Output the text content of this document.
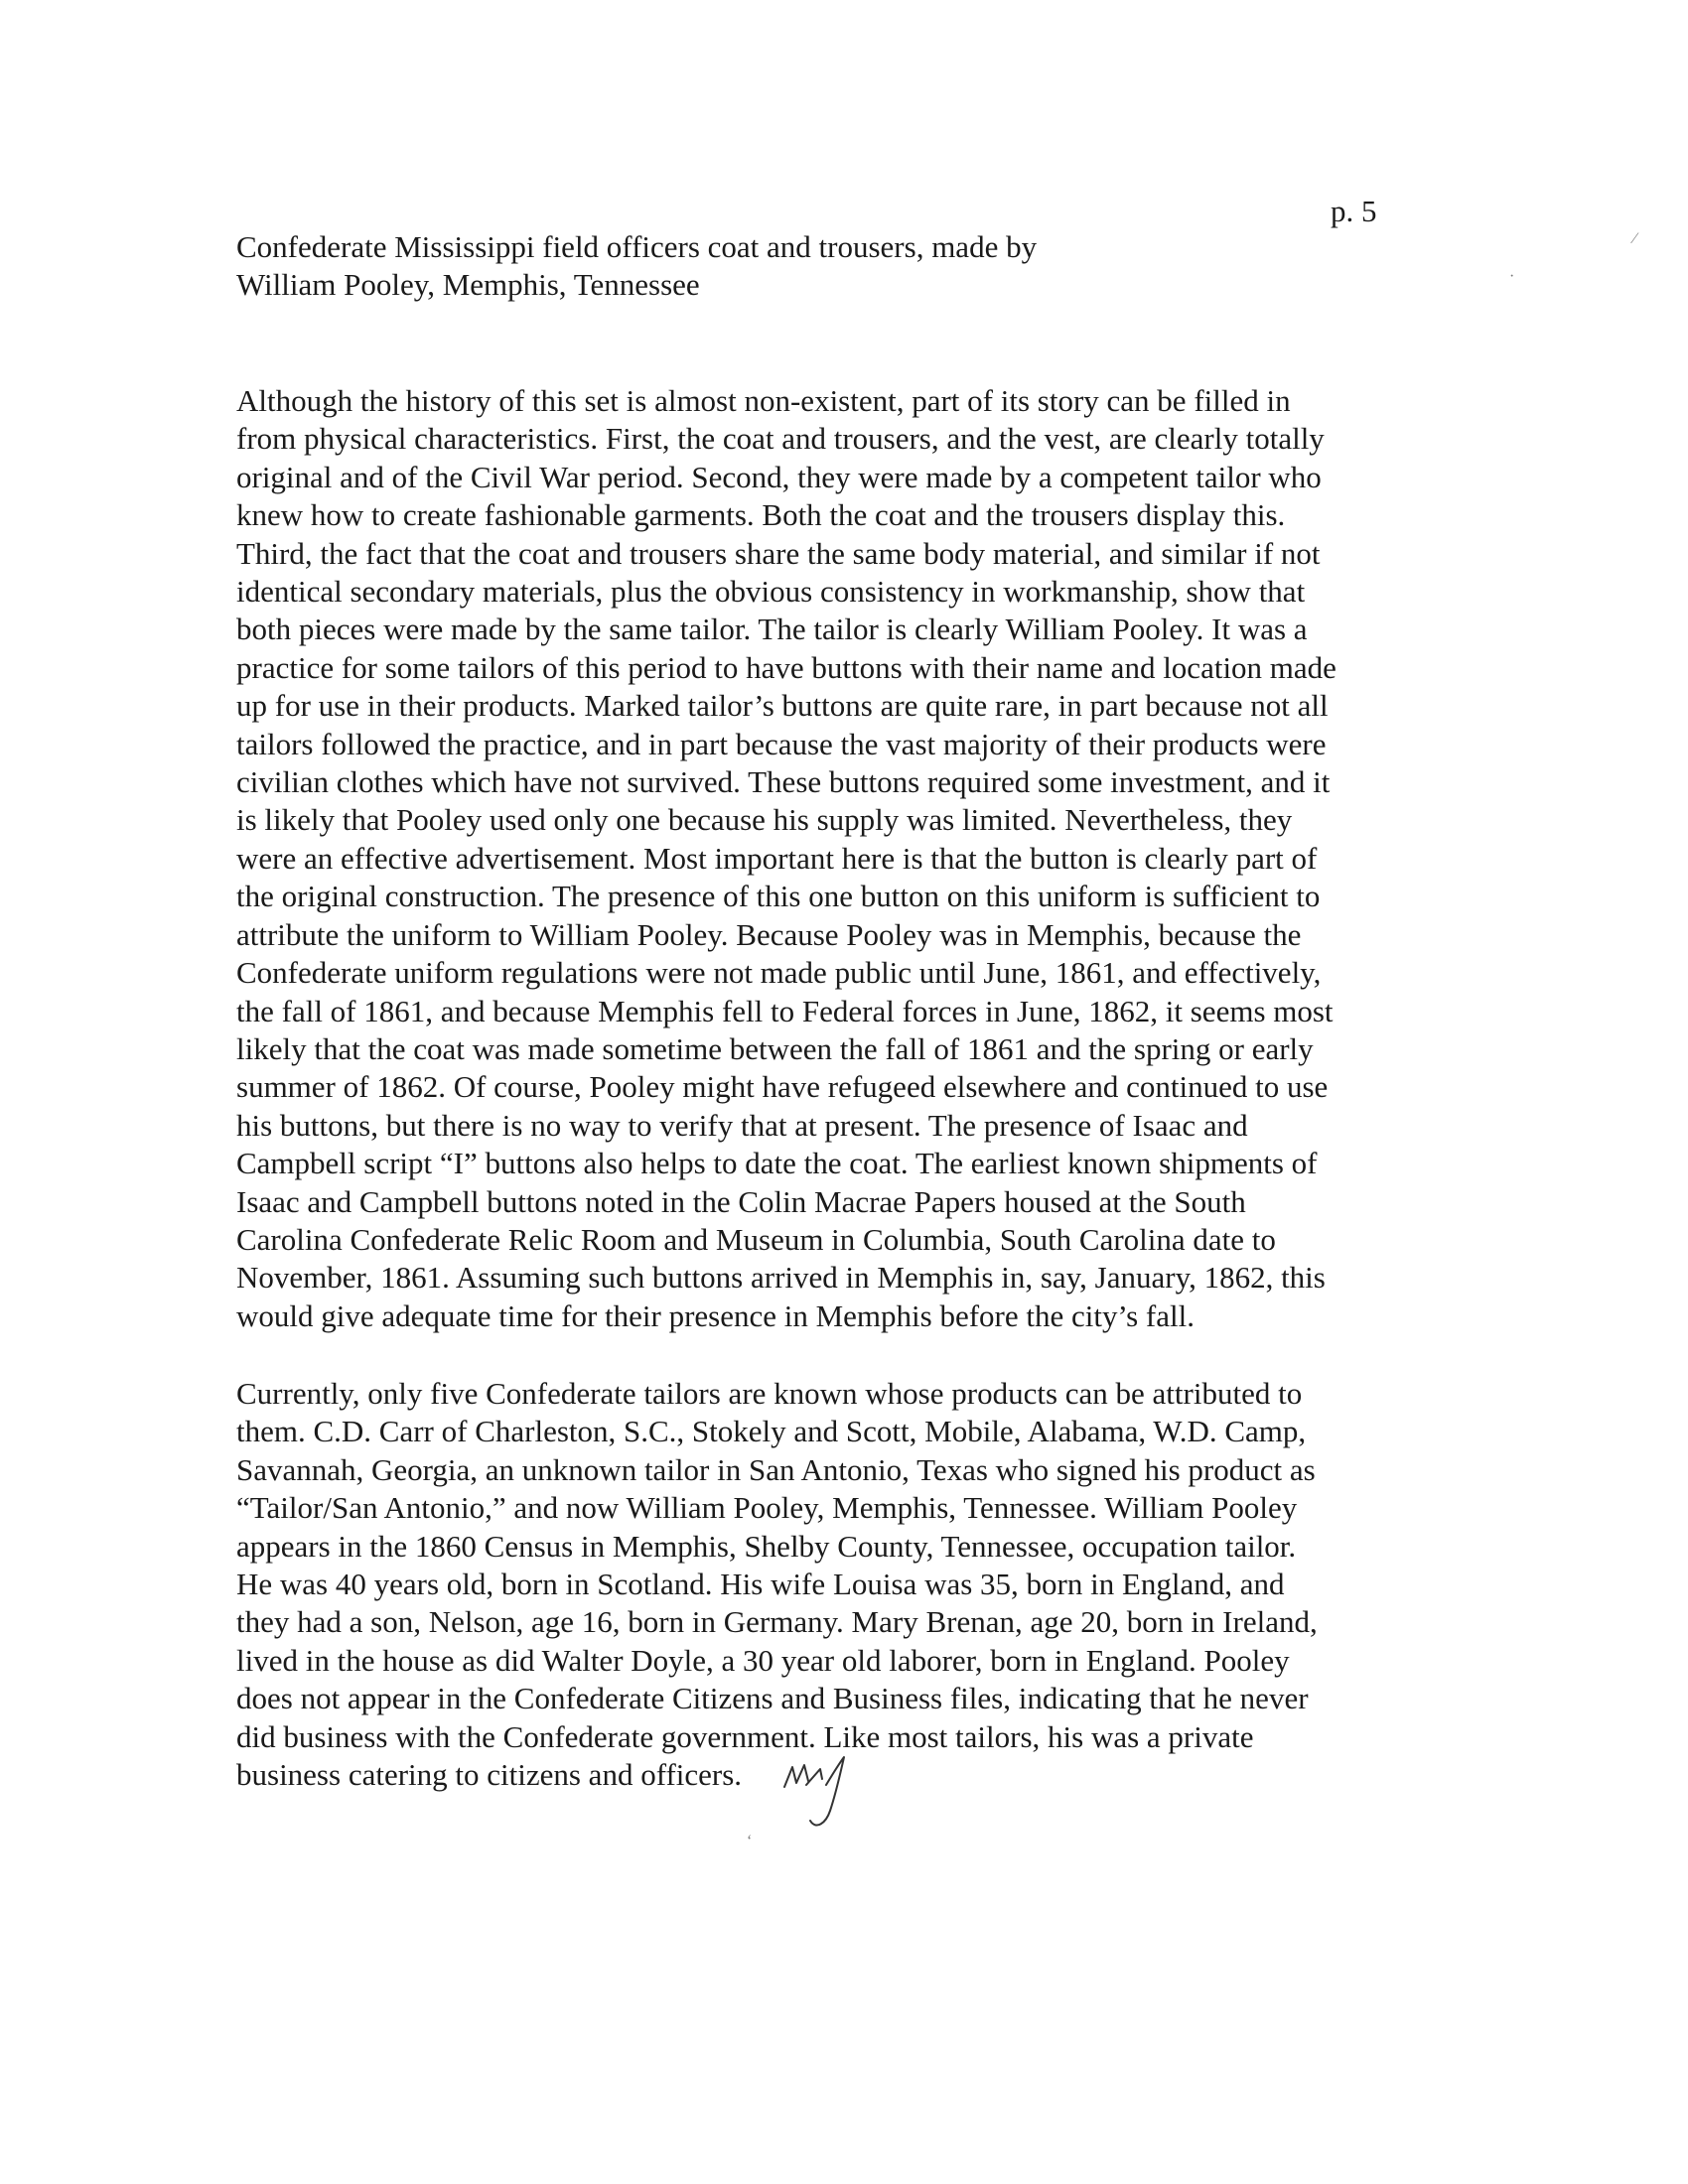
p. 5
Confederate Mississippi field officers coat and trousers, made by
William Pooley, Memphis, Tennessee
Although the history of this set is almost non-existent, part of its story can be filled in
from physical characteristics. First, the coat and trousers, and the vest, are clearly totally
original and of the Civil War period. Second, they were made by a competent tailor who
knew how to create fashionable garments. Both the coat and the trousers display this.
Third, the fact that the coat and trousers share the same body material, and similar if not
identical secondary materials, plus the obvious consistency in workmanship, show that
both pieces were made by the same tailor. The tailor is clearly William Pooley. It was a
practice for some tailors of this period to have buttons with their name and location made
up for use in their products. Marked tailor’s buttons are quite rare, in part because not all
tailors followed the practice, and in part because the vast majority of their products were
civilian clothes which have not survived. These buttons required some investment, and it
is likely that Pooley used only one because his supply was limited. Nevertheless, they
were an effective advertisement. Most important here is that the button is clearly part of
the original construction. The presence of this one button on this uniform is sufficient to
attribute the uniform to William Pooley. Because Pooley was in Memphis, because the
Confederate uniform regulations were not made public until June, 1861, and effectively,
the fall of 1861, and because Memphis fell to Federal forces in June, 1862, it seems most
likely that the coat was made sometime between the fall of 1861 and the spring or early
summer of 1862. Of course, Pooley might have refugeed elsewhere and continued to use
his buttons, but there is no way to verify that at present. The presence of Isaac and
Campbell script “I” buttons also helps to date the coat. The earliest known shipments of
Isaac and Campbell buttons noted in the Colin Macrae Papers housed at the South
Carolina Confederate Relic Room and Museum in Columbia, South Carolina date to
November, 1861. Assuming such buttons arrived in Memphis in, say, January, 1862, this
would give adequate time for their presence in Memphis before the city’s fall.
Currently, only five Confederate tailors are known whose products can be attributed to
them. C.D. Carr of Charleston, S.C., Stokely and Scott, Mobile, Alabama, W.D. Camp,
Savannah, Georgia, an unknown tailor in San Antonio, Texas who signed his product as
“Tailor/San Antonio,” and now William Pooley, Memphis, Tennessee. William Pooley
appears in the 1860 Census in Memphis, Shelby County, Tennessee, occupation tailor.
He was 40 years old, born in Scotland. His wife Louisa was 35, born in England, and
they had a son, Nelson, age 16, born in Germany. Mary Brenan, age 20, born in Ireland,
lived in the house as did Walter Doyle, a 30 year old laborer, born in England. Pooley
does not appear in the Confederate Citizens and Business files, indicating that he never
did business with the Confederate government. Like most tailors, his was a private
business catering to citizens and officers.
⁄
·
‘
